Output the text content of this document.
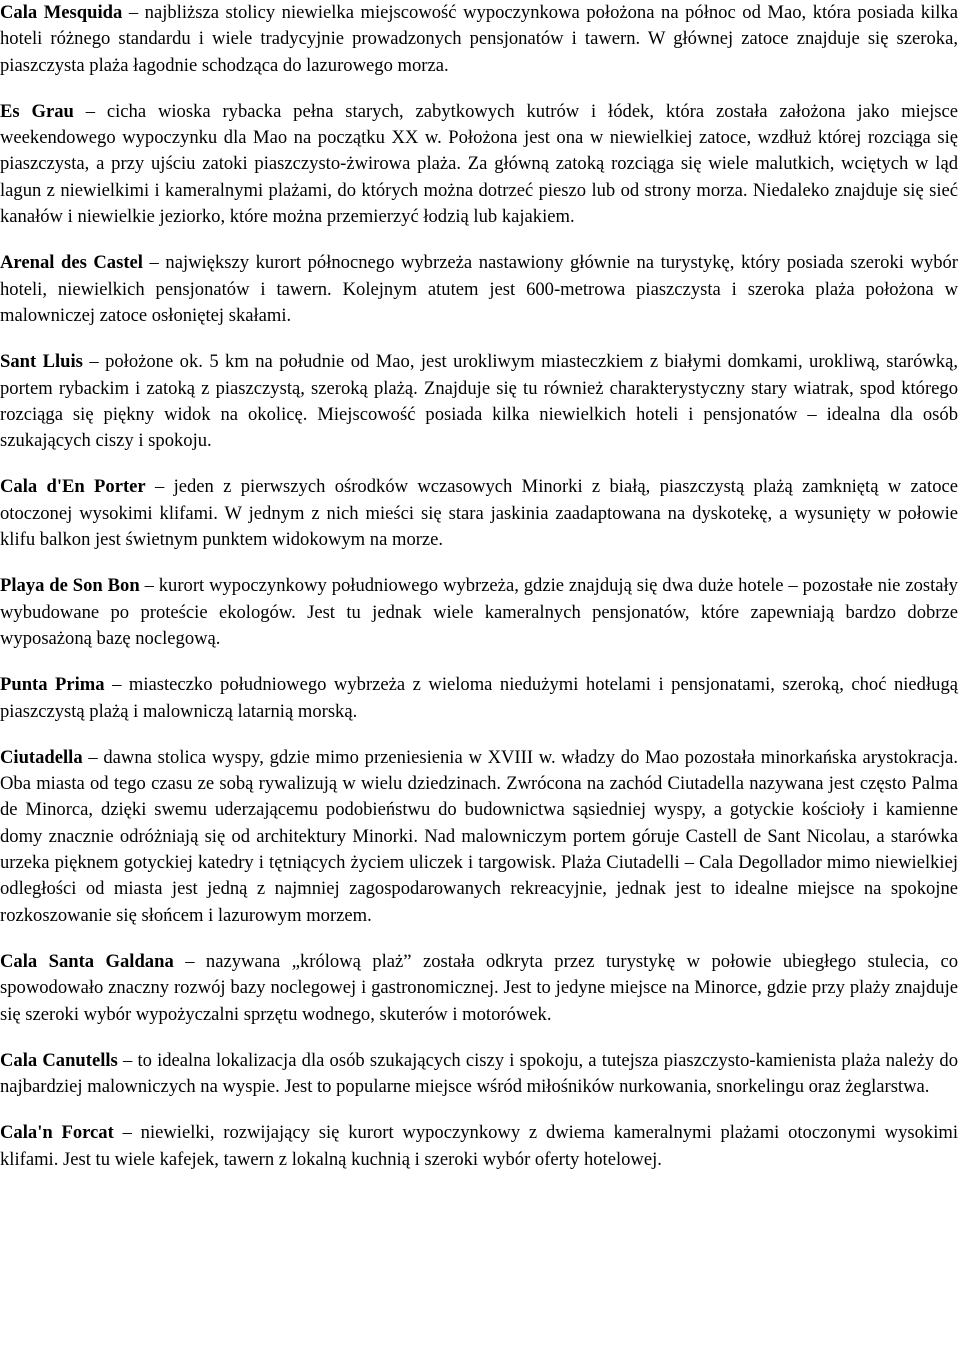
Cala Mesquida – najbliższa stolicy niewielka miejscowość wypoczynkowa położona na północ od Mao, która posiada kilka hoteli różnego standardu i wiele tradycyjnie prowadzonych pensjonatów i tawern. W głównej zatoce znajduje się szeroka, piaszczysta plaża łagodnie schodząca do lazurowego morza.

Es Grau – cicha wioska rybacka pełna starych, zabytkowych kutrów i łódek, która została założona jako miejsce weekendowego wypoczynku dla Mao na początku XX w. Położona jest ona w niewielkiej zatoce, wzdłuż której rozciąga się piaszczysta, a przy ujściu zatoki piaszczysto-żwirowa plaża. Za główną zatoką rozciąga się wiele malutkich, wciętych w ląd lagun z niewielkimi i kameralnymi plażami, do których można dotrzeć pieszo lub od strony morza. Niedaleko znajduje się sieć kanałów i niewielkie jeziorko, które można przemierzyć łodzią lub kajakiem.

Arenal des Castel – największy kurort północnego wybrzeża nastawiony głównie na turystykę, który posiada szeroki wybór hoteli, niewielkich pensjonatów i tawern. Kolejnym atutem jest 600-metrowa piaszczysta i szeroka plaża położona w malowniczej zatoce osłoniętej skałami.

Sant Lluis – położone ok. 5 km na południe od Mao, jest urokliwym miasteczkiem z białymi domkami, urokliwą, starówką, portem rybackim i zatoką z piaszczystą, szeroką plażą. Znajduje się tu również charakterystyczny stary wiatrak, spod którego rozciąga się piękny widok na okolicę. Miejscowość posiada kilka niewielkich hoteli i pensjonatów – idealna dla osób szukających ciszy i spokoju.

Cala d'En Porter – jeden z pierwszych ośrodków wczasowych Minorki z białą, piaszczystą plażą zamkniętą w zatoce otoczonej wysokimi klifami. W jednym z nich mieści się stara jaskinia zaadaptowana na dyskotekę, a wysunięty w połowie klifu balkon jest świetnym punktem widokowym na morze.

Playa de Son Bon – kurort wypoczynkowy południowego wybrzeża, gdzie znajdują się dwa duże hotele – pozostałe nie zostały wybudowane po proteście ekologów. Jest tu jednak wiele kameralnych pensjonatów, które zapewniają bardzo dobrze wyposażoną bazę noclegową.

Punta Prima – miasteczko południowego wybrzeża z wieloma niedużymi hotelami i pensjonatami, szeroką, choć niedługą piaszczystą plażą i malowniczą latarnią morską.

Ciutadella – dawna stolica wyspy, gdzie mimo przeniesienia w XVIII w. władzy do Mao pozostała minorkańska arystokracja. Oba miasta od tego czasu ze sobą rywalizują w wielu dziedzinach. Zwrócona na zachód Ciutadella nazywana jest często Palma de Minorca, dzięki swemu uderzającemu podobieństwu do budownictwa sąsiedniej wyspy, a gotyckie kościoły i kamienne domy znacznie odróżniają się od architektury Minorki. Nad malowniczym portem góruje Castell de Sant Nicolau, a starówka urzeka pięknem gotyckiej katedry i tętniących życiem uliczek i targowisk. Plaża Ciutadelli – Cala Degollador mimo niewielkiej odległości od miasta jest jedną z najmniej zagospodarowanych rekreacyjnie, jednak jest to idealne miejsce na spokojne rozkoszowanie się słońcem i lazurowym morzem.

Cala Santa Galdana – nazywana „królową plaż” została odkryta przez turystykę w połowie ubiegłego stulecia, co spowodowało znaczny rozwój bazy noclegowej i gastronomicznej. Jest to jedyne miejsce na Minorce, gdzie przy plaży znajduje się szeroki wybór wypożyczalni sprzętu wodnego, skuterów i motorówek.

Cala Canutells – to idealna lokalizacja dla osób szukających ciszy i spokoju, a tutejsza piaszczysto-kamienista plaża należy do najbardziej malowniczych na wyspie. Jest to popularne miejsce wśród miłośników nurkowania, snorkelingu oraz żeglarstwa.

Cala'n Forcat – niewielki, rozwijający się kurort wypoczynkowy z dwiema kameralnymi plażami otoczonymi wysokimi klifami. Jest tu wiele kafejek, tawern z lokalną kuchnią i szeroki wybór oferty hotelowej.
